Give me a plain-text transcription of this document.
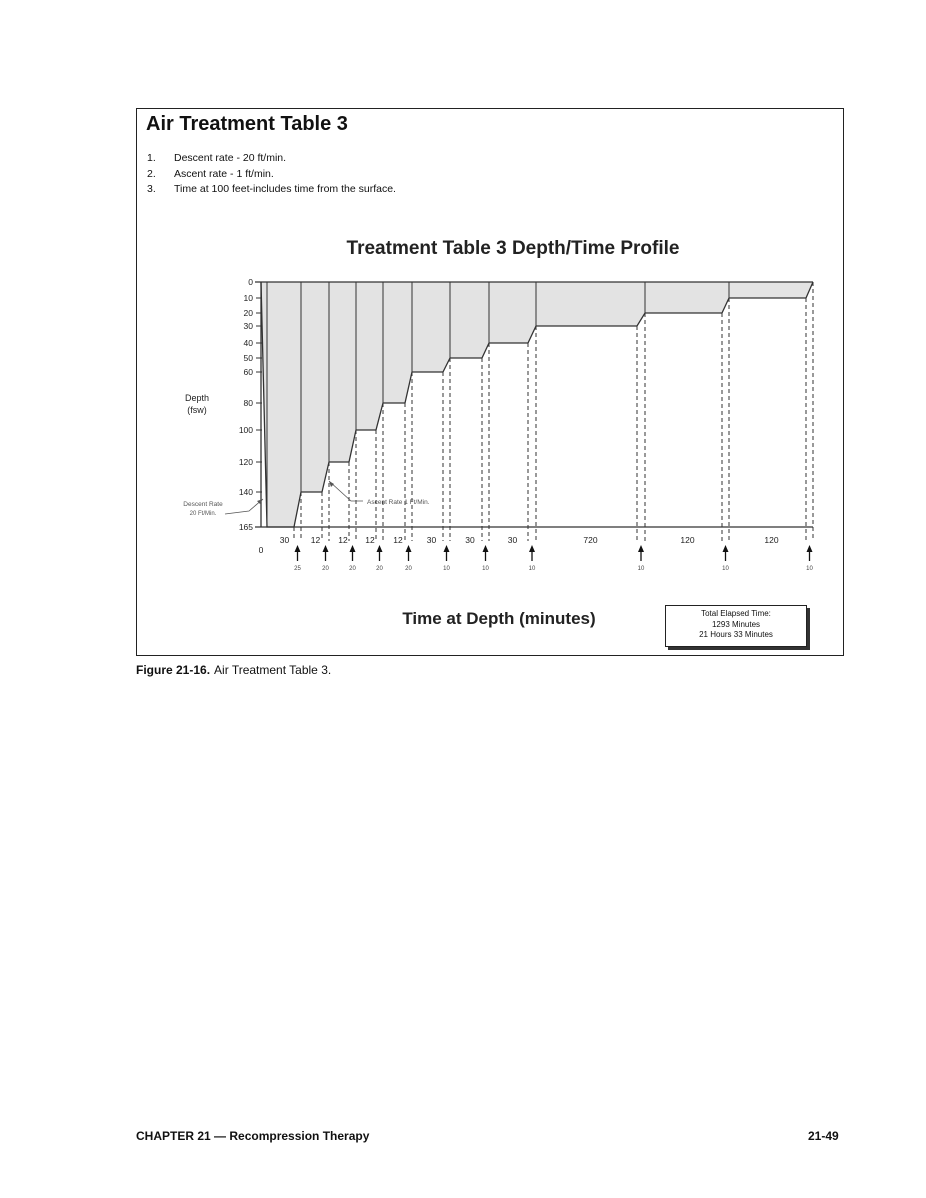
Air Treatment Table 3
1.	Descent rate - 20 ft/min.
2.	Ascent rate - 1 ft/min.
3.	Time at 100 feet-includes time from the surface.
Treatment Table 3 Depth/Time Profile
0
10
20
30
40
50
60
80
100
120
140
165
Depth
(fsw)
0
30	12 12 12 12	30	30	30	720	120	120
25	20	20	20	20	10	10	10	10	10	10
Descent Rate
20 Ft/Min.
Ascent Rate 1 Ft/Min.
Time at Depth (minutes)	Total Elapsed Time:
1293 Minutes
21 Hours 33 Minutes
Figure 21-16. Air Treatment Table 3.
CHAPTER 21 — Recompression Therapy	21-49
